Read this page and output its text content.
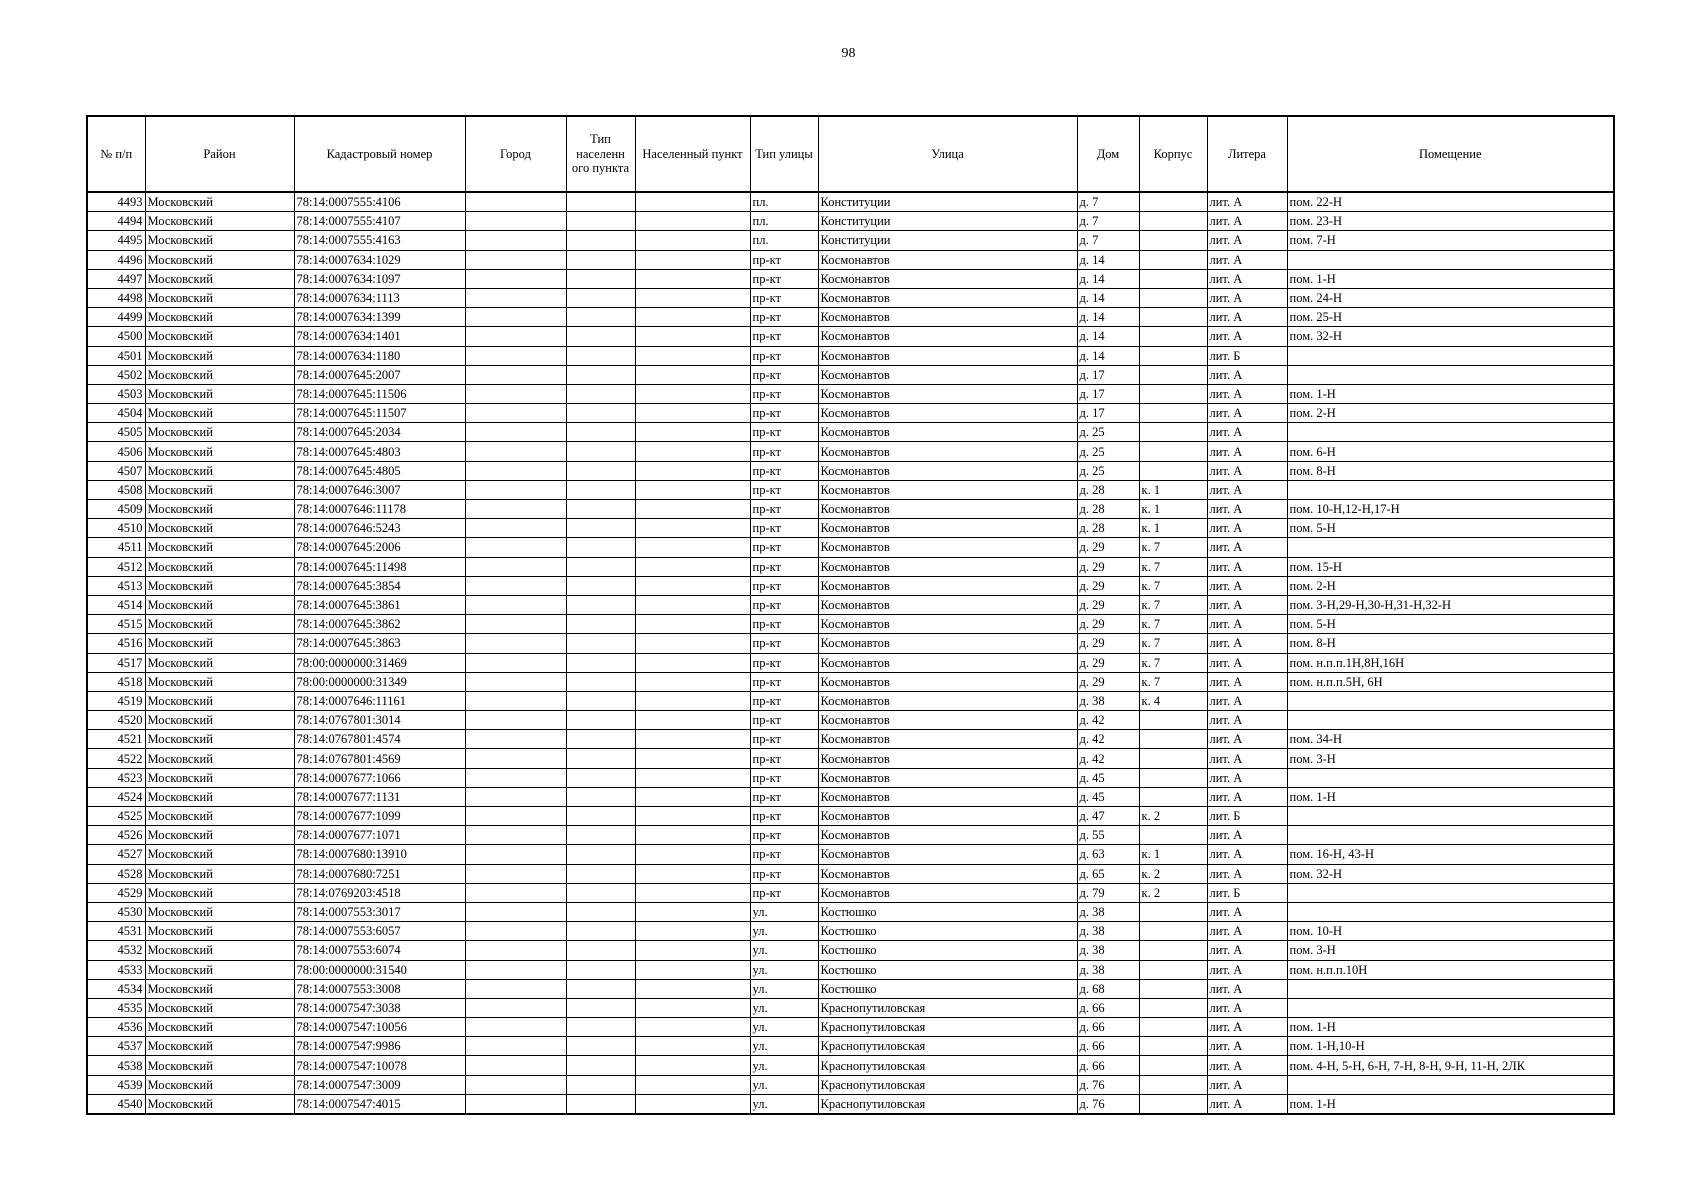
98
№ п/п	Район	Кадастровый номер	Город	Тип населенн ого пункта	Населенный пункт	Тип улицы	Улица	Дом	Корпус	Литера	Помещение
4493	Московский	78:14:0007555:4106				пл.	Конституции	д. 7		лит. А	пом. 22-Н
4494	Московский	78:14:0007555:4107				пл.	Конституции	д. 7		лит. А	пом. 23-Н
4495	Московский	78:14:0007555:4163				пл.	Конституции	д. 7		лит. А	пом. 7-Н
4496	Московский	78:14:0007634:1029				пр-кт	Космонавтов	д. 14		лит. А	
4497	Московский	78:14:0007634:1097				пр-кт	Космонавтов	д. 14		лит. А	пом. 1-Н
4498	Московский	78:14:0007634:1113				пр-кт	Космонавтов	д. 14		лит. А	пом. 24-Н
4499	Московский	78:14:0007634:1399				пр-кт	Космонавтов	д. 14		лит. А	пом. 25-Н
4500	Московский	78:14:0007634:1401				пр-кт	Космонавтов	д. 14		лит. А	пом. 32-Н
4501	Московский	78:14:0007634:1180				пр-кт	Космонавтов	д. 14		лит. Б	
4502	Московский	78:14:0007645:2007				пр-кт	Космонавтов	д. 17		лит. А	
4503	Московский	78:14:0007645:11506				пр-кт	Космонавтов	д. 17		лит. А	пом. 1-Н
4504	Московский	78:14:0007645:11507				пр-кт	Космонавтов	д. 17		лит. А	пом. 2-Н
4505	Московский	78:14:0007645:2034				пр-кт	Космонавтов	д. 25		лит. А	
4506	Московский	78:14:0007645:4803				пр-кт	Космонавтов	д. 25		лит. А	пом. 6-Н
4507	Московский	78:14:0007645:4805				пр-кт	Космонавтов	д. 25		лит. А	пом. 8-Н
4508	Московский	78:14:0007646:3007				пр-кт	Космонавтов	д. 28	к. 1	лит. А	
4509	Московский	78:14:0007646:11178				пр-кт	Космонавтов	д. 28	к. 1	лит. А	пом. 10-Н,12-Н,17-Н
4510	Московский	78:14:0007646:5243				пр-кт	Космонавтов	д. 28	к. 1	лит. А	пом. 5-Н
4511	Московский	78:14:0007645:2006				пр-кт	Космонавтов	д. 29	к. 7	лит. А	
4512	Московский	78:14:0007645:11498				пр-кт	Космонавтов	д. 29	к. 7	лит. А	пом. 15-Н
4513	Московский	78:14:0007645:3854				пр-кт	Космонавтов	д. 29	к. 7	лит. А	пом. 2-Н
4514	Московский	78:14:0007645:3861				пр-кт	Космонавтов	д. 29	к. 7	лит. А	пом. 3-Н,29-Н,30-Н,31-Н,32-Н
4515	Московский	78:14:0007645:3862				пр-кт	Космонавтов	д. 29	к. 7	лит. А	пом. 5-Н
4516	Московский	78:14:0007645:3863				пр-кт	Космонавтов	д. 29	к. 7	лит. А	пом. 8-Н
4517	Московский	78:00:0000000:31469				пр-кт	Космонавтов	д. 29	к. 7	лит. А	пом. н.п.п.1Н,8Н,16Н
4518	Московский	78:00:0000000:31349				пр-кт	Космонавтов	д. 29	к. 7	лит. А	пом. н.п.п.5Н, 6Н
4519	Московский	78:14:0007646:11161				пр-кт	Космонавтов	д. 38	к. 4	лит. А	
4520	Московский	78:14:0767801:3014				пр-кт	Космонавтов	д. 42		лит. А	
4521	Московский	78:14:0767801:4574				пр-кт	Космонавтов	д. 42		лит. А	пом. 34-Н
4522	Московский	78:14:0767801:4569				пр-кт	Космонавтов	д. 42		лит. А	пом. 3-Н
4523	Московский	78:14:0007677:1066				пр-кт	Космонавтов	д. 45		лит. А	
4524	Московский	78:14:0007677:1131				пр-кт	Космонавтов	д. 45		лит. А	пом. 1-Н
4525	Московский	78:14:0007677:1099				пр-кт	Космонавтов	д. 47	к. 2	лит. Б	
4526	Московский	78:14:0007677:1071				пр-кт	Космонавтов	д. 55		лит. А	
4527	Московский	78:14:0007680:13910				пр-кт	Космонавтов	д. 63	к. 1	лит. А	пом. 16-Н, 43-Н
4528	Московский	78:14:0007680:7251				пр-кт	Космонавтов	д. 65	к. 2	лит. А	пом. 32-Н
4529	Московский	78:14:0769203:4518				пр-кт	Космонавтов	д. 79	к. 2	лит. Б	
4530	Московский	78:14:0007553:3017				ул.	Костюшко	д. 38		лит. А	
4531	Московский	78:14:0007553:6057				ул.	Костюшко	д. 38		лит. А	пом. 10-Н
4532	Московский	78:14:0007553:6074				ул.	Костюшко	д. 38		лит. А	пом. 3-Н
4533	Московский	78:00:0000000:31540				ул.	Костюшко	д. 38		лит. А	пом. н.п.п.10Н
4534	Московский	78:14:0007553:3008				ул.	Костюшко	д. 68		лит. А	
4535	Московский	78:14:0007547:3038				ул.	Краснопутиловская	д. 66		лит. А	
4536	Московский	78:14:0007547:10056				ул.	Краснопутиловская	д. 66		лит. А	пом. 1-Н
4537	Московский	78:14:0007547:9986				ул.	Краснопутиловская	д. 66		лит. А	пом. 1-Н,10-Н
4538	Московский	78:14:0007547:10078				ул.	Краснопутиловская	д. 66		лит. А	пом. 4-Н, 5-Н, 6-Н, 7-Н, 8-Н, 9-Н, 11-Н, 2ЛК
4539	Московский	78:14:0007547:3009				ул.	Краснопутиловская	д. 76		лит. А	
4540	Московский	78:14:0007547:4015				ул.	Краснопутиловская	д. 76		лит. А	пом. 1-Н
